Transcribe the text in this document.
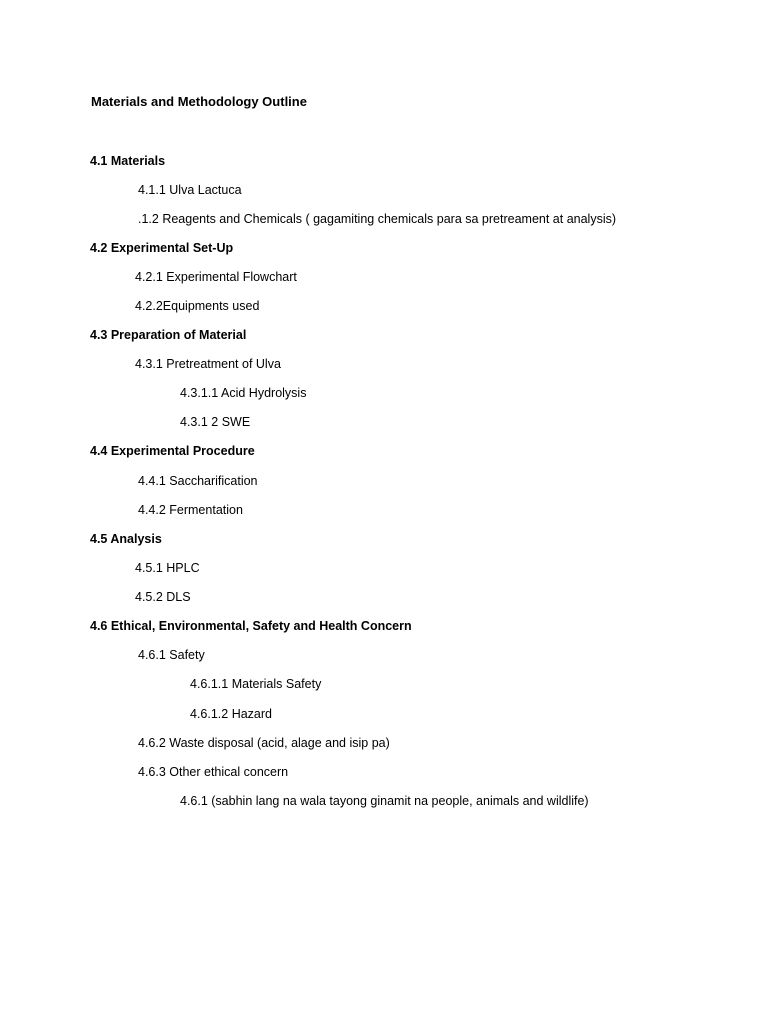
Materials and Methodology Outline
4.1 Materials
4.1.1 Ulva Lactuca
.1.2 Reagents and Chemicals ( gagamiting chemicals para sa pretreament at analysis)
4.2 Experimental Set-Up
4.2.1 Experimental Flowchart
4.2.2Equipments used
4.3 Preparation of Material
4.3.1 Pretreatment of Ulva
4.3.1.1 Acid Hydrolysis
4.3.1 2 SWE
4.4 Experimental Procedure
4.4.1 Saccharification
4.4.2 Fermentation
4.5 Analysis
4.5.1 HPLC
4.5.2 DLS
4.6 Ethical, Environmental, Safety and Health Concern
4.6.1 Safety
4.6.1.1 Materials Safety
4.6.1.2 Hazard
4.6.2 Waste disposal (acid, alage and isip pa)
4.6.3 Other ethical concern
4.6.1 (sabhin lang na wala tayong ginamit na people, animals and wildlife)
